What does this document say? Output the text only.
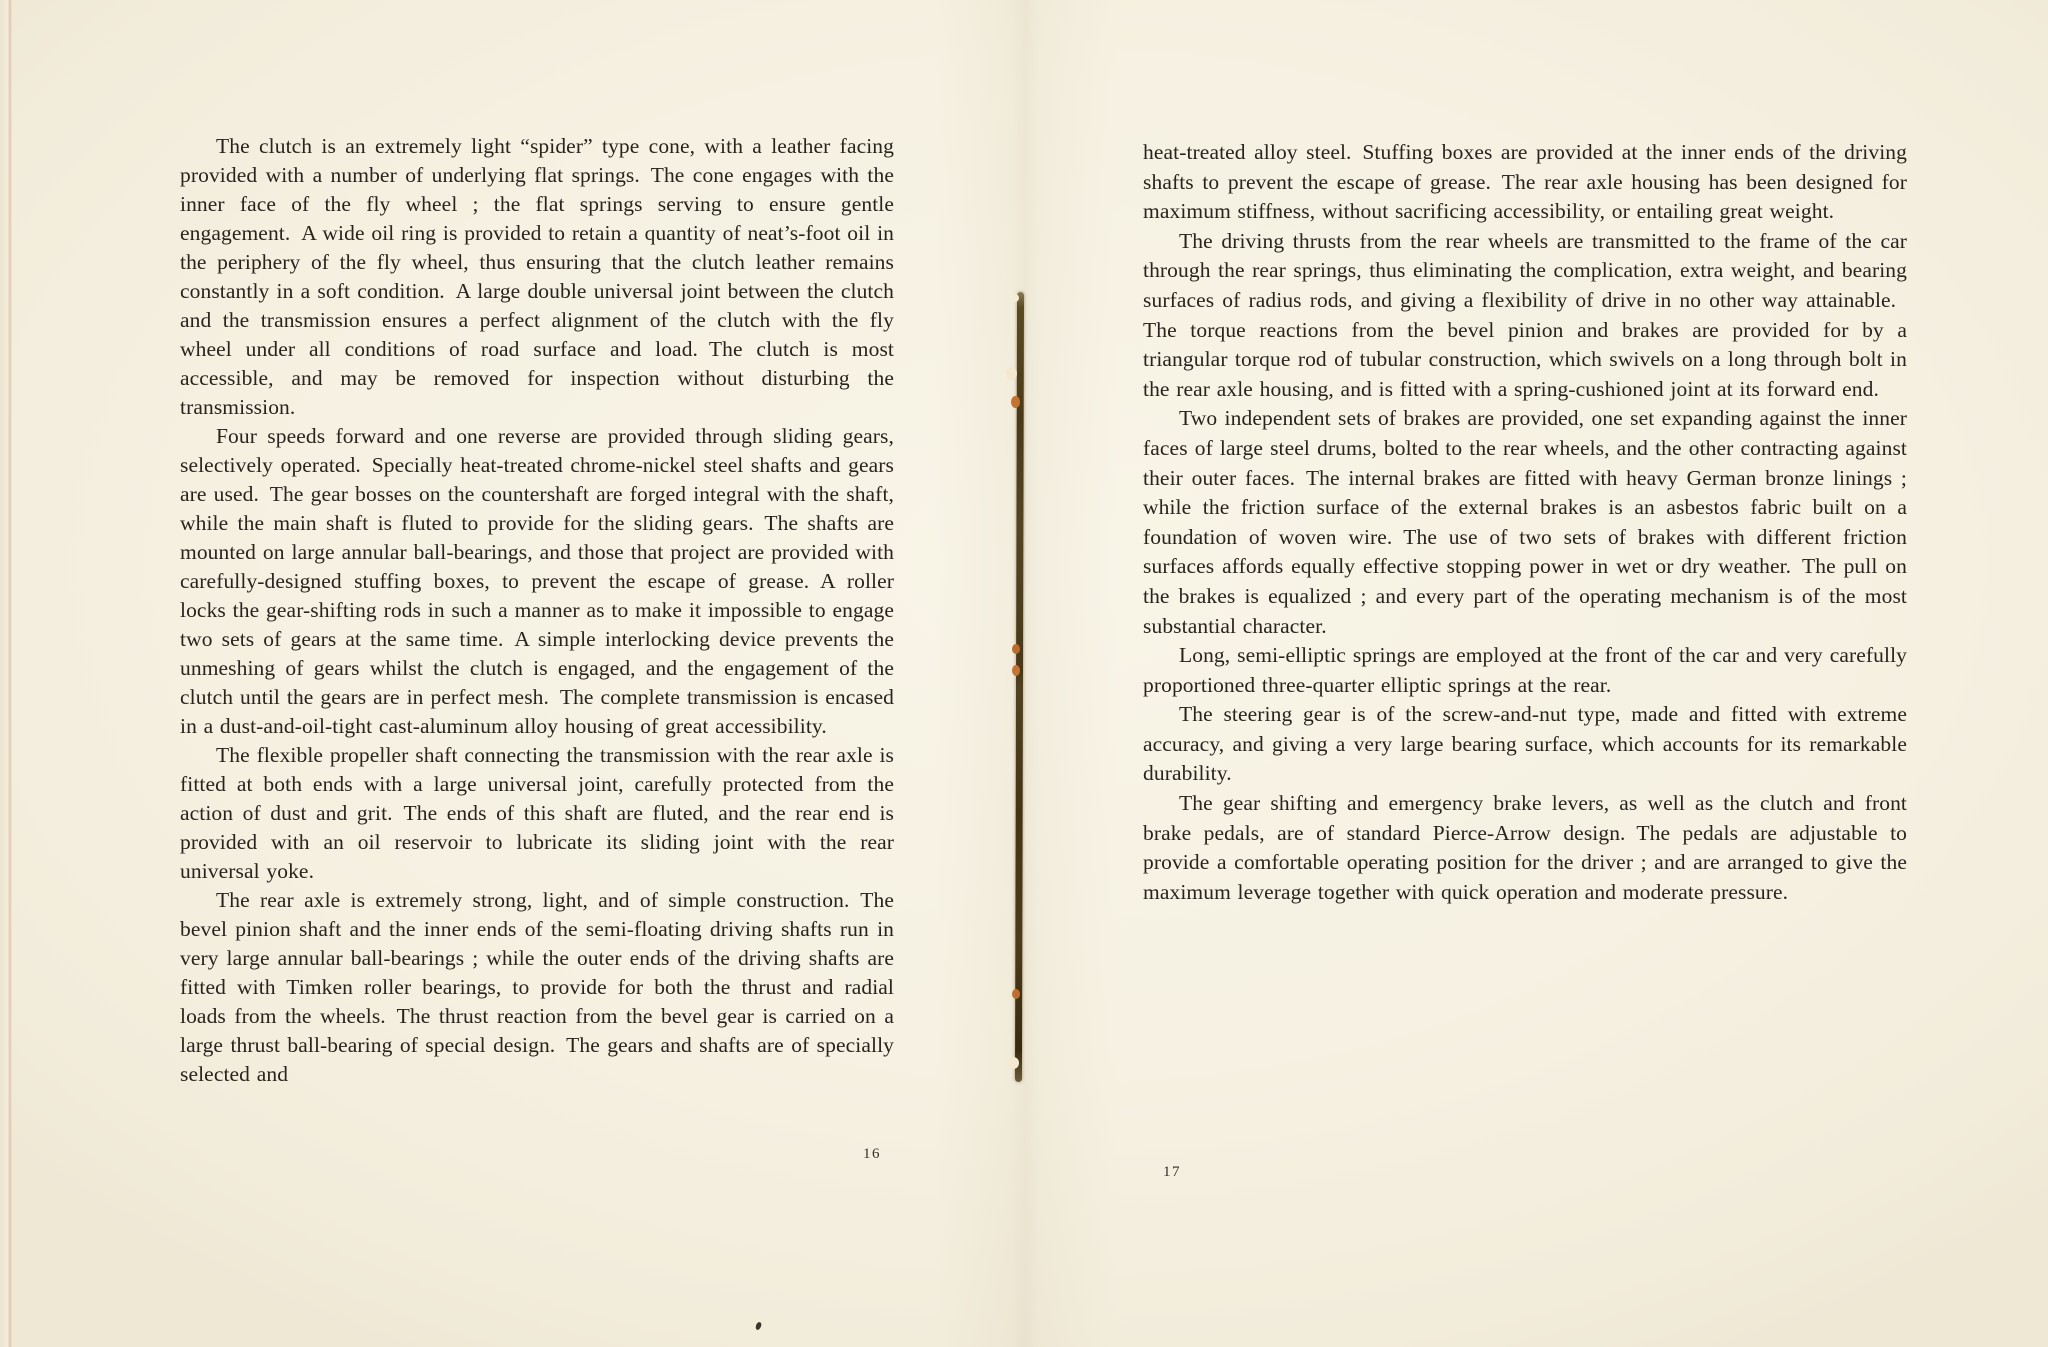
The clutch is an extremely light “spider” type cone, with a leather facing provided with a number of underlying flat springs. The cone engages with the inner face of the fly wheel ; the flat springs serving to ensure gentle engagement. A wide oil ring is provided to retain a quantity of neat’s-foot oil in the periphery of the fly wheel, thus ensuring that the clutch leather remains constantly in a soft condition. A large double universal joint between the clutch and the transmission ensures a perfect alignment of the clutch with the fly wheel under all conditions of road surface and load. The clutch is most accessible, and may be removed for inspection without disturbing the transmission.

Four speeds forward and one reverse are provided through sliding gears, selectively operated. Specially heat-treated chrome-nickel steel shafts and gears are used. The gear bosses on the countershaft are forged integral with the shaft, while the main shaft is fluted to provide for the sliding gears. The shafts are mounted on large annular ball-bearings, and those that project are provided with carefully-designed stuffing boxes, to prevent the escape of grease. A roller locks the gear-shifting rods in such a manner as to make it impossible to engage two sets of gears at the same time. A simple interlocking device prevents the unmeshing of gears whilst the clutch is engaged, and the engagement of the clutch until the gears are in perfect mesh. The complete transmission is encased in a dust-and-oil-tight cast-aluminum alloy housing of great accessibility.

The flexible propeller shaft connecting the transmission with the rear axle is fitted at both ends with a large universal joint, carefully protected from the action of dust and grit. The ends of this shaft are fluted, and the rear end is provided with an oil reservoir to lubricate its sliding joint with the rear universal yoke.

The rear axle is extremely strong, light, and of simple construction. The bevel pinion shaft and the inner ends of the semi-floating driving shafts run in very large annular ball-bearings ; while the outer ends of the driving shafts are fitted with Timken roller bearings, to provide for both the thrust and radial loads from the wheels. The thrust reaction from the bevel gear is carried on a large thrust ball-bearing of special design. The gears and shafts are of specially selected and

heat-treated alloy steel. Stuffing boxes are provided at the inner ends of the driving shafts to prevent the escape of grease. The rear axle housing has been designed for maximum stiffness, without sacrificing accessibility, or entailing great weight.

The driving thrusts from the rear wheels are transmitted to the frame of the car through the rear springs, thus eliminating the complication, extra weight, and bearing surfaces of radius rods, and giving a flexibility of drive in no other way attainable. The torque reactions from the bevel pinion and brakes are provided for by a triangular torque rod of tubular construction, which swivels on a long through bolt in the rear axle housing, and is fitted with a spring-cushioned joint at its forward end.

Two independent sets of brakes are provided, one set expanding against the inner faces of large steel drums, bolted to the rear wheels, and the other contracting against their outer faces. The internal brakes are fitted with heavy German bronze linings ; while the friction surface of the external brakes is an asbestos fabric built on a foundation of woven wire. The use of two sets of brakes with different friction surfaces affords equally effective stopping power in wet or dry weather. The pull on the brakes is equalized ; and every part of the operating mechanism is of the most substantial character.

Long, semi-elliptic springs are employed at the front of the car and very carefully proportioned three-quarter elliptic springs at the rear.

The steering gear is of the screw-and-nut type, made and fitted with extreme accuracy, and giving a very large bearing surface, which accounts for its remarkable durability.

The gear shifting and emergency brake levers, as well as the clutch and front brake pedals, are of standard Pierce-Arrow design. The pedals are adjustable to provide a comfortable operating position for the driver ; and are arranged to give the maximum leverage together with quick operation and moderate pressure.

16
17
